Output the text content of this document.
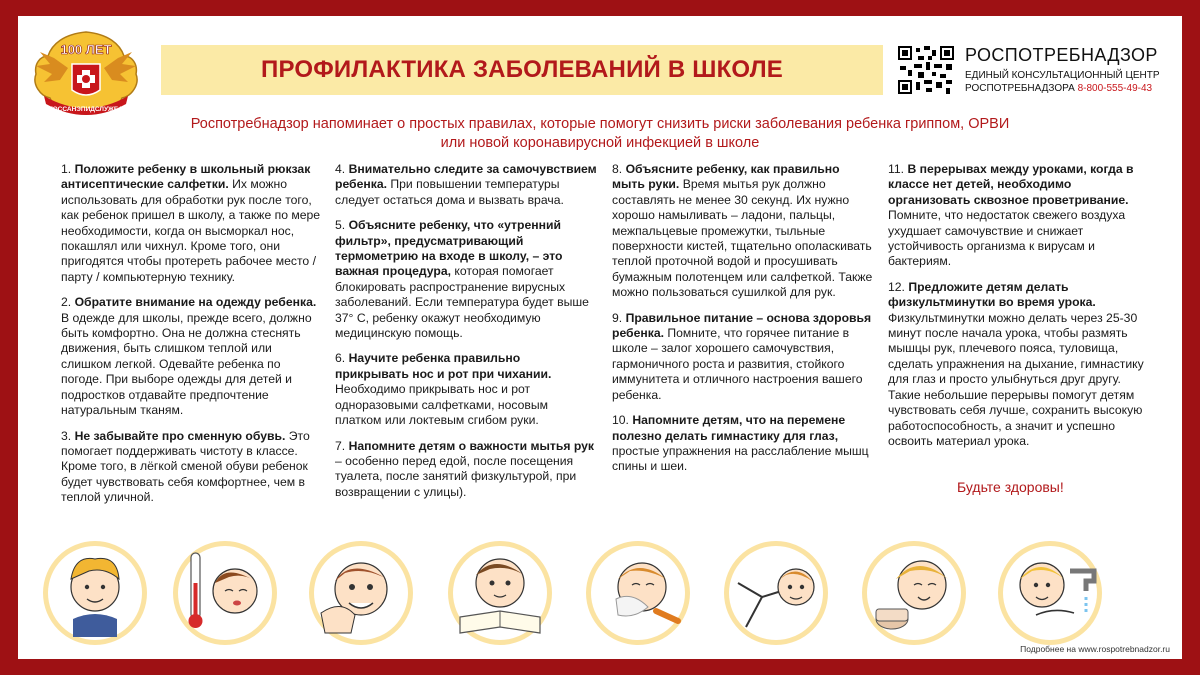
100 ЛЕТ
ГОССАНЭПИДСЛУЖБА
ПРОФИЛАКТИКА ЗАБОЛЕВАНИЙ В ШКОЛЕ
РОСПОТРЕБНАДЗОР
ЕДИНЫЙ КОНСУЛЬТАЦИОННЫЙ ЦЕНТР
РОСПОТРЕБНАДЗОРА 8-800-555-49-43
Роспотребнадзор напоминает о простых правилах, которые помогут снизить риски заболевания ребенка гриппом, ОРВИ
или новой коронавирусной инфекцией в школе

1. Положите ребенку в школьный рюкзак антисептические салфетки. Их можно использовать для обработки рук после того, как ребенок пришел в школу, а также по мере необходимости, когда он высморкал нос, покашлял или чихнул. Кроме того, они пригодятся чтобы протереть рабочее место / парту / компьютерную технику.

2. Обратите внимание на одежду ребенка. В одежде для школы, прежде всего, должно быть комфортно. Она не должна стеснять движения, быть слишком теплой или слишком легкой. Одевайте ребенка по погоде. При выборе одежды для детей и подростков отдавайте предпочтение натуральным тканям.

3. Не забывайте про сменную обувь. Это помогает поддерживать чистоту в классе. Кроме того, в лёгкой сменой обуви ребенок будет чувствовать себя комфортнее, чем в теплой уличной.

4. Внимательно следите за самочувствием ребенка. При повышении температуры следует остаться дома и вызвать врача.

5. Объясните ребенку, что «утренний фильтр», предусматривающий термометрию на входе в школу, – это важная процедура, которая помогает блокировать распространение вирусных заболеваний. Если температура будет выше 37° С, ребенку окажут необходимую медицинскую помощь.

6. Научите ребенка правильно прикрывать нос и рот при чихании. Необходимо прикрывать нос и рот одноразовыми салфетками, носовым платком или локтевым сгибом руки.

7. Напомните детям о важности мытья рук – особенно перед едой, после посещения туалета, после занятий физкультурой, при возвращении с улицы).

8. Объясните ребенку, как правильно мыть руки. Время мытья рук должно составлять не менее 30 секунд. Их нужно хорошо намыливать – ладони, пальцы, межпальцевые промежутки, тыльные поверхности кистей, тщательно ополаскивать теплой проточной водой и просушивать бумажным полотенцем или салфеткой. Также можно пользоваться сушилкой для рук.

9. Правильное питание – основа здоровья ребенка. Помните, что горячее питание в школе – залог хорошего самочувствия, гармоничного роста и развития, стойкого иммунитета и отличного настроения вашего ребенка.

10. Напомните детям, что на перемене полезно делать гимнастику для глаз, простые упражнения на расслабление мышц спины и шеи.

11. В перерывах между уроками, когда в классе нет детей, необходимо организовать сквозное проветривание. Помните, что недостаток свежего воздуха ухудшает самочувствие и снижает устойчивость организма к вирусам и бактериям.

12. Предложите детям делать физкультминутки во время урока. Физкультминутки можно делать через 25-30 минут после начала урока, чтобы размять мышцы рук, плечевого пояса, туловища, сделать упражнения на дыхание, гимнастику для глаз и просто улыбнуться друг другу. Такие небольшие перерывы помогут детям чувствовать себя лучше, сохранить высокую работоспособность, а значит и успешно освоить материал урока.

Будьте здоровы!
Подробнее на www.rospotrebnadzor.ru
